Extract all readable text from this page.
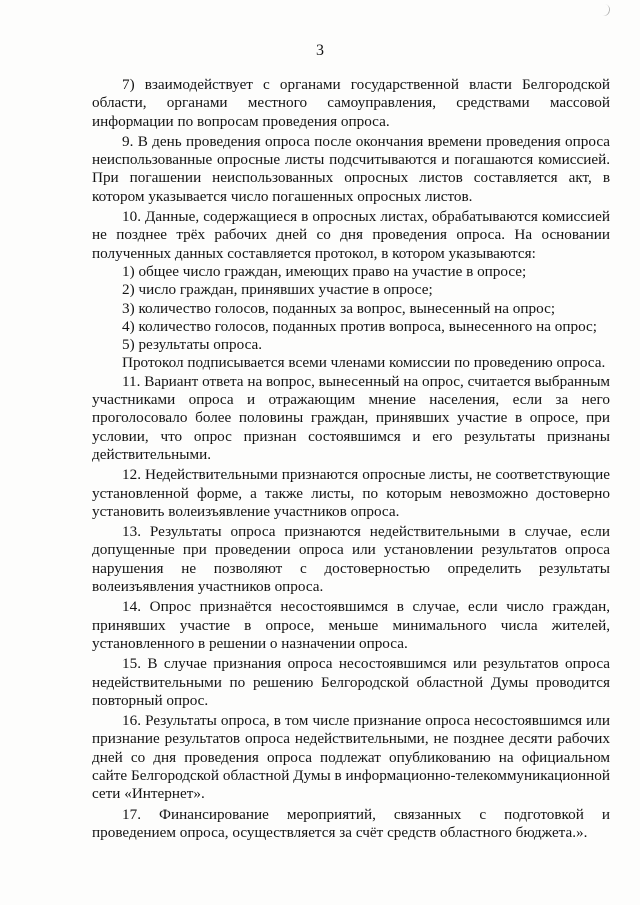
3

7) взаимодействует с органами государственной власти Белгородской области, органами местного самоуправления, средствами массовой информации по вопросам проведения опроса.

9. В день проведения опроса после окончания времени проведения опроса неиспользованные опросные листы подсчитываются и погашаются комиссией. При погашении неиспользованных опросных листов составляется акт, в котором указывается число погашенных опросных листов.

10. Данные, содержащиеся в опросных листах, обрабатываются комиссией не позднее трёх рабочих дней со дня проведения опроса. На основании полученных данных составляется протокол, в котором указываются:

1) общее число граждан, имеющих право на участие в опросе;

2) число граждан, принявших участие в опросе;

3) количество голосов, поданных за вопрос, вынесенный на опрос;

4) количество голосов, поданных против вопроса, вынесенного на опрос;

5) результаты опроса.

Протокол подписывается всеми членами комиссии по проведению опроса.

11. Вариант ответа на вопрос, вынесенный на опрос, считается выбранным участниками опроса и отражающим мнение населения, если за него проголосовало более половины граждан, принявших участие в опросе, при условии, что опрос признан состоявшимся и его результаты признаны действительными.

12. Недействительными признаются опросные листы, не соответствующие установленной форме, а также листы, по которым невозможно достоверно установить волеизъявление участников опроса.

13. Результаты опроса признаются недействительными в случае, если допущенные при проведении опроса или установлении результатов опроса нарушения не позволяют с достоверностью определить результаты волеизъявления участников опроса.

14. Опрос признаётся несостоявшимся в случае, если число граждан, принявших участие в опросе, меньше минимального числа жителей, установленного в решении о назначении опроса.

15. В случае признания опроса несостоявшимся или результатов опроса недействительными по решению Белгородской областной Думы проводится повторный опрос.

16. Результаты опроса, в том числе признание опроса несостоявшимся или признание результатов опроса недействительными, не позднее десяти рабочих дней со дня проведения опроса подлежат опубликованию на официальном сайте Белгородской областной Думы в информационно-телекоммуникационной сети «Интернет».

17. Финансирование мероприятий, связанных с подготовкой и проведением опроса, осуществляется за счёт средств областного бюджета.».
